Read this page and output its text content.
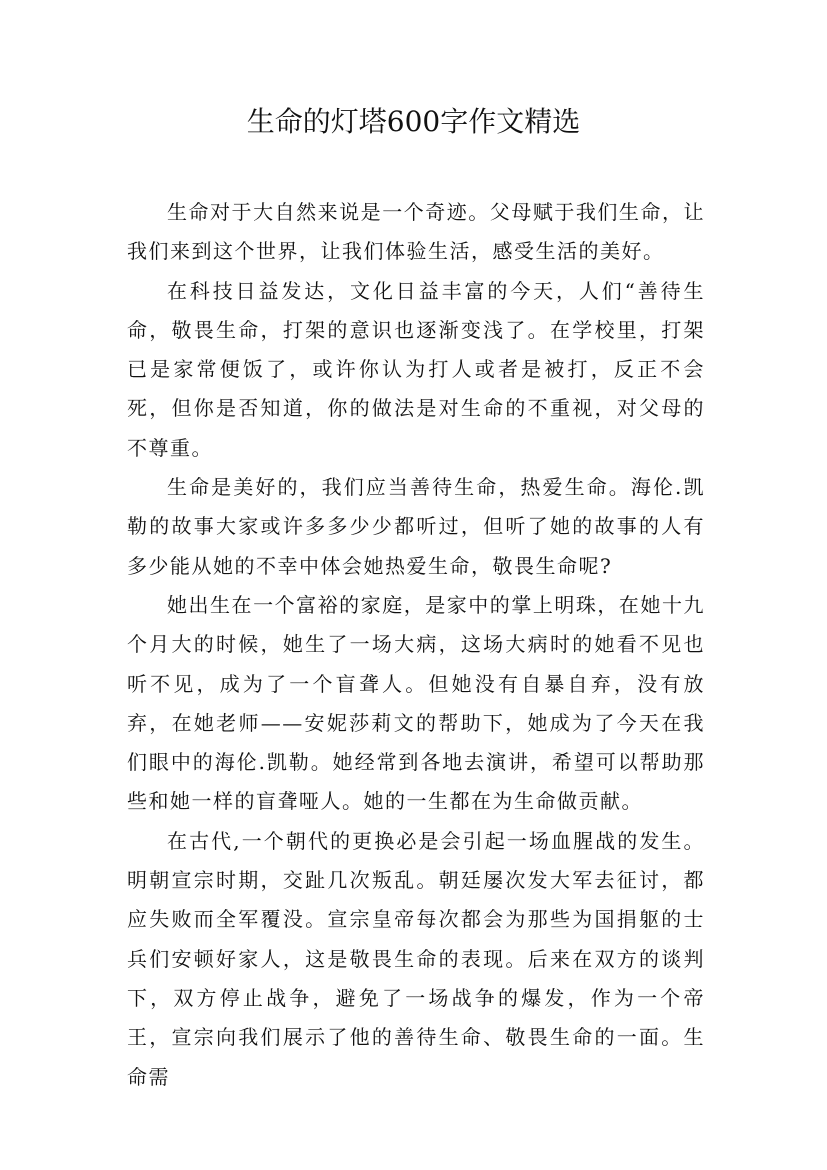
生命的灯塔600字作文精选

生命对于大自然来说是一个奇迹。父母赋于我们生命，让我们来到这个世界，让我们体验生活，感受生活的美好。

在科技日益发达，文化日益丰富的今天，人们“善待生命，敬畏生命，打架的意识也逐渐变浅了。在学校里，打架已是家常便饭了，或许你认为打人或者是被打，反正不会死，但你是否知道，你的做法是对生命的不重视，对父母的不尊重。

生命是美好的，我们应当善待生命，热爱生命。海伦.凯勒的故事大家或许多多少少都听过，但听了她的故事的人有多少能从她的不幸中体会她热爱生命，敬畏生命呢?

她出生在一个富裕的家庭，是家中的掌上明珠，在她十九个月大的时候，她生了一场大病，这场大病时的她看不见也听不见，成为了一个盲聋人。但她没有自暴自弃，没有放弃，在她老师——安妮莎莉文的帮助下，她成为了今天在我们眼中的海伦.凯勒。她经常到各地去演讲，希望可以帮助那些和她一样的盲聋哑人。她的一生都在为生命做贡献。

在古代,一个朝代的更换必是会引起一场血腥战的发生。明朝宣宗时期，交趾几次叛乱。朝廷屡次发大军去征讨，都应失败而全军覆没。宣宗皇帝每次都会为那些为国捐躯的士兵们安顿好家人，这是敬畏生命的表现。后来在双方的谈判下，双方停止战争，避免了一场战争的爆发，作为一个帝王，宣宗向我们展示了他的善待生命、敬畏生命的一面。生命需
